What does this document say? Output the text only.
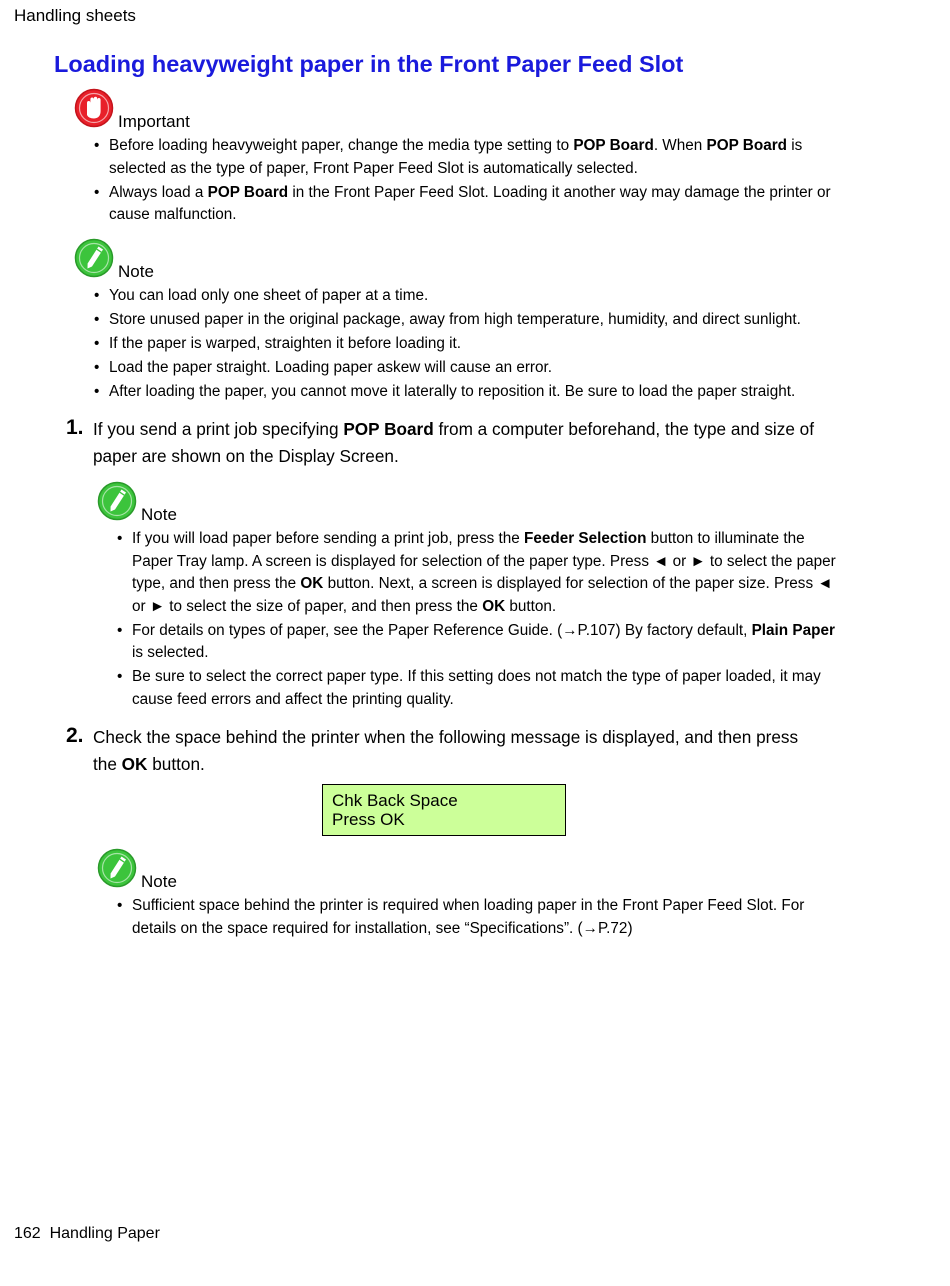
Handling sheets
Loading heavyweight paper in the Front Paper Feed Slot
Important
• Before loading heavyweight paper, change the media type setting to POP Board. When POP Board is selected as the type of paper, Front Paper Feed Slot is automatically selected.
• Always load a POP Board in the Front Paper Feed Slot. Loading it another way may damage the printer or cause malfunction.
Note
• You can load only one sheet of paper at a time.
• Store unused paper in the original package, away from high temperature, humidity, and direct sunlight.
• If the paper is warped, straighten it before loading it.
• Load the paper straight. Loading paper askew will cause an error.
• After loading the paper, you cannot move it laterally to reposition it. Be sure to load the paper straight.
1. If you send a print job specifying POP Board from a computer beforehand, the type and size of paper are shown on the Display Screen.
Note
• If you will load paper before sending a print job, press the Feeder Selection button to illuminate the Paper Tray lamp. A screen is displayed for selection of the paper type. Press ◄ or ► to select the paper type, and then press the OK button. Next, a screen is displayed for selection of the paper size. Press ◄ or ► to select the size of paper, and then press the OK button.
• For details on types of paper, see the Paper Reference Guide. (→P.107) By factory default, Plain Paper is selected.
• Be sure to select the correct paper type. If this setting does not match the type of paper loaded, it may cause feed errors and affect the printing quality.
2. Check the space behind the printer when the following message is displayed, and then press the OK button.
Chk Back Space
Press OK
Note
• Sufficient space behind the printer is required when loading paper in the Front Paper Feed Slot. For details on the space required for installation, see “Specifications”. (→P.72)
162 Handling Paper
